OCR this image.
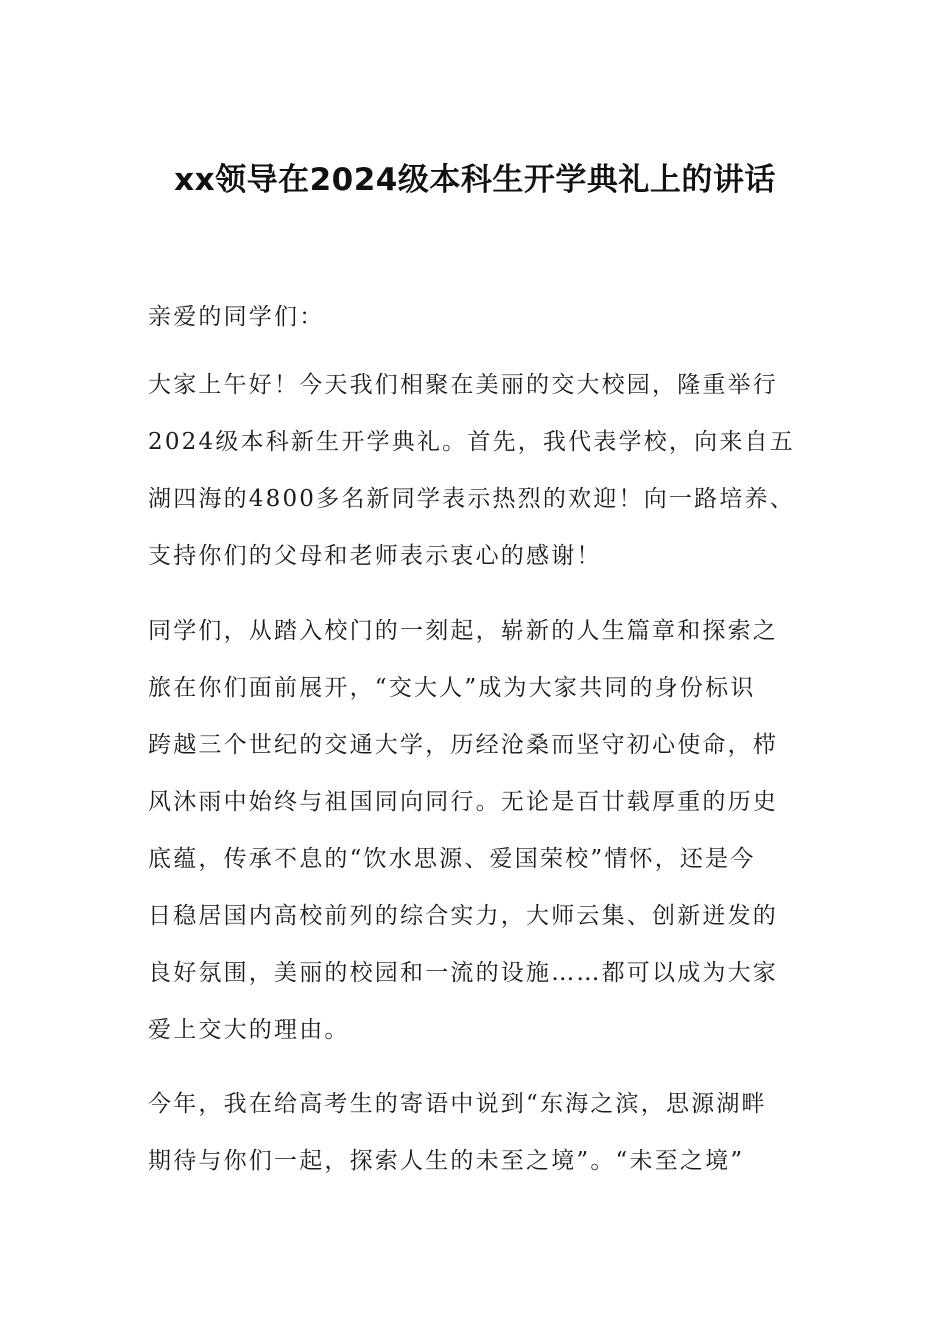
xx领导在2024级本科生开学典礼上的讲话

亲爱的同学们：

大家上午好！今天我们相聚在美丽的交大校园，隆重举行
2024级本科新生开学典礼。首先，我代表学校，向来自五
湖四海的4800多名新同学表示热烈的欢迎！向一路培养、
支持你们的父母和老师表示衷心的感谢！

同学们，从踏入校门的一刻起，崭新的人生篇章和探索之
旅在你们面前展开，“交大人”成为大家共同的身份标识
跨越三个世纪的交通大学，历经沧桑而坚守初心使命，栉
风沐雨中始终与祖国同向同行。无论是百廿载厚重的历史
底蕴，传承不息的“饮水思源、爱国荣校”情怀，还是今
日稳居国内高校前列的综合实力，大师云集、创新迸发的
良好氛围，美丽的校园和一流的设施……都可以成为大家
爱上交大的理由。

今年，我在给高考生的寄语中说到“东海之滨，思源湖畔
期待与你们一起，探索人生的未至之境”。“未至之境”
